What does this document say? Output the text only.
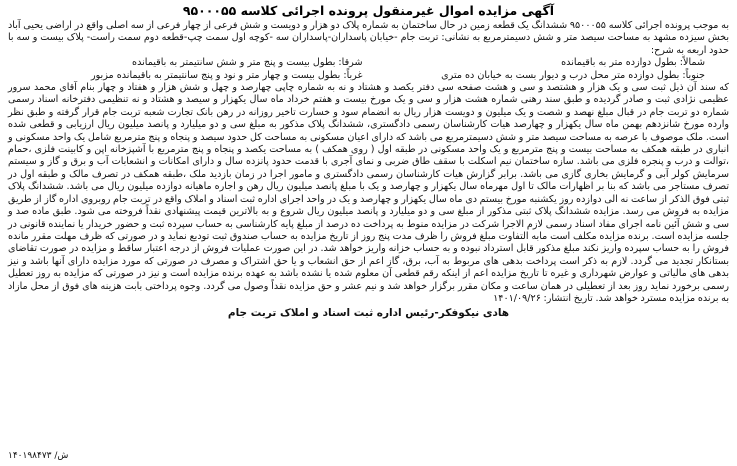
آگهی مزایده اموال غیرمنقول پرونده اجرائی کلاسه ۹۵۰۰۰۵۵

به موجب پرونده اجرائی کلاسه ۹۵۰۰۰۵۵ ششدانگ یک قطعه زمین در حال ساختمان به شماره پلاک دو هزار و دویست و شش فرعی از چهار فرعی از سه اصلی واقع در اراضی یحیی آباد بخش سیزده مشهد به مساحت سیصد متر و شش دسیمترمربع به نشانی: تربت جام -خیابان پاسداران-پاسداران سه -کوچه اول سمت چپ-قطعه دوم سمت راست- پلاک بیست و سه با حدود اربعه به شرح:

شمالاً: بطول دوازده متر به باقیمانده
شرقا: بطول بیست و پنج متر و شش سانتیمتر به باقیمانده
جنوباً: بطول دوازده متر محل درب و دیوار بست به خیابان ده متری
غرباً: بطول بیست و چهار متر و نود و پنج سانتیمتر به باقیمانده مزبور

که سند آن ذیل ثبت سی و یک هزار و هشتصد و سی و هشت صفحه سی دفتر یکصد و هشتاد و نه به شماره چاپی چهارصد و چهل و شش هزار و هفتاد و چهار بنام آقای محمد سرور عظیمی نژادی ثبت و صادر گردیده و طبق سند رهنی شماره هشت هزار و سی و یک مورخ بیست و هفتم خرداد ماه سال یکهزار و سیصد و هشتاد و نه تنظیمی دفترخانه اسناد رسمی شماره دو تربت جام در قبال مبلغ نهصد و شصت و یک میلیون و دویست هزار ریال به انضمام سود و خسارت تاخیر روزانه در رهن بانک تجارت شعبه تربت جام قرار گرفته و طبق نظر وارده مورخ شانزدهم بهمن ماه سال یکهزار و چهارصد هیات کارشناسان رسمی دادگستری، ششدانگ پلاک مذکور به مبلغ سی و دو میلیارد و پانصد میلیون ریال ارزیابی و قطعی شده است. ملک موصوف با عرصه به مساحت سیصد متر و شش دسیمترمربع می باشد که دارای اعیان مسکونی به مساحت کل حدود سیصد و پنجاه و پنج مترمربع شامل یک واحد مسکونی و انباری در طبقه همکف به مساحت بیست و پنج مترمربع و یک واحد مسکونی در طبقه اول ( روی همکف ) به مساحت یکصد و پنجاه و پنج مترمربع با آشپزخانه اپن و کابینت فلزی ،حمام ،توالت و درب و پنجره فلزی می باشد. سازه ساختمان نیم اسکلت با سقف طاق ضربی و نمای آجری با قدمت حدود پانزده سال و دارای امکانات و انشعابات آب و برق و گاز و سیستم سرمایش کولر آبی و گرمایش بخاری گازی می باشد. برابر گزارش هیات کارشناسان رسمی دادگستری و مامور اجرا در زمان بازدید ملک ،طبقه همکف در تصرف مالک و طبقه اول در تصرف مستاجر می باشد که بنا بر اظهارات مالک تا اول مهرماه سال یکهزار و چهارصد و یک با مبلغ پانصد میلیون ریال رهن و اجاره ماهیانه دوازده میلیون ریال می باشد. ششدانگ پلاک ثبتی فوق الذکر از ساعت نه الی دوازده روز یکشنبه مورخ بیستم دی ماه سال یکهزار و چهارصد و یک در واحد اجرای اداره ثبت اسناد و املاک واقع در تربت جام روبروی اداره گاز از طریق مزایده به فروش می رسد. مزایده ششدانگ پلاک ثبتی مذکور از مبلغ سی و دو میلیارد و پانصد میلیون ریال شروع و به بالاترین قیمت پیشنهادی نقداً فروخته می شود. طبق ماده صد و سی و شش آئین نامه اجرای مفاد اسناد رسمی لازم الاجرا شرکت در مزایده منوط به پرداخت ده درصد از مبلغ پایه کارشناسی به حساب سپرده ثبت و حضور خریدار یا نماینده قانونی در جلسه مزایده است. برنده مزایده مکلف است مابه التفاوت مبلغ فروش را ظرف مدت پنج روز از تاریخ مزایده به حساب صندوق ثبت تودیع نماید و در صورتی که ظرف مهلت مقرر مانده فروش را به حساب سپرده واریز نکند مبلغ مذکور قابل استرداد نبوده و به حساب خزانه واریز خواهد شد. در این صورت عملیات فروش از درجه اعتبار ساقط و مزایده در صورت تقاضای بستانکار تجدید می گردد. لازم به ذکر است پرداخت بدهی های مربوط به آب، برق، گاز اعم از حق انشعاب و یا حق اشتراک و مصرف در صورتی که مورد مزایده دارای آنها باشد و نیز بدهی های مالیاتی و عوارض شهرداری و غیره تا تاریخ مزایده اعم از اینکه رقم قطعی آن معلوم شده یا نشده باشد به عهده برنده مزایده است و نیز در صورتی که مزایده به روز تعطیل رسمی برخورد نماید روز بعد از تعطیلی در همان ساعت و مکان مقرر برگزار خواهد شد و نیم عشر و حق مزایده نقداً وصول می گردد. وجوه پرداختی بابت هزینه های فوق از محل مازاد به برنده مزایده مسترد خواهد شد. تاریخ انتشار: ۱۴۰۱/۰۹/۲۶

هادی نیکوفکر-رئیس اداره ثبت اسناد و املاک تربت جام
۱۴۰۱۹۸۴۷۳ /ش
